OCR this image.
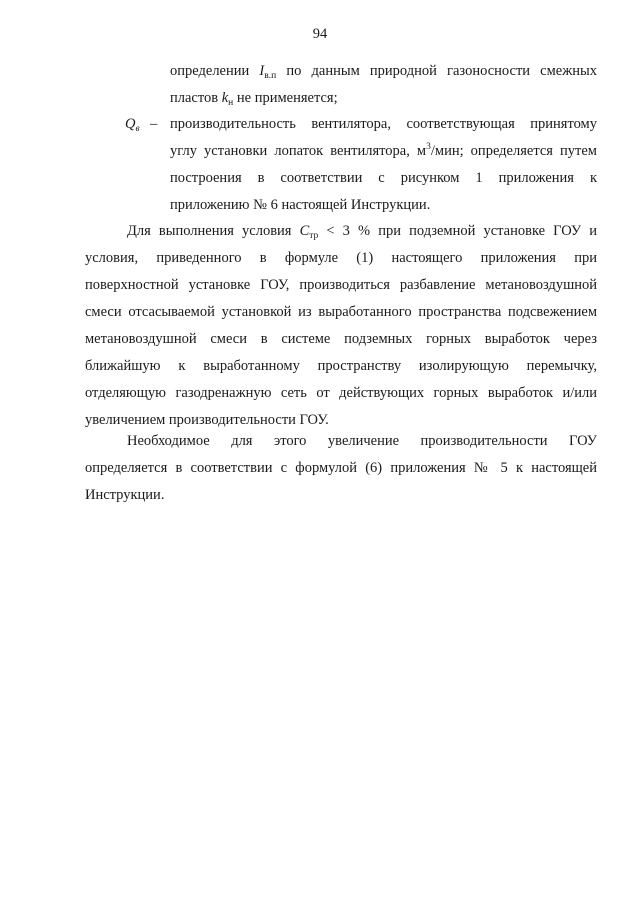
94
определении $I_{в.п}$ по данным природной газоносности смежных
пластов $k_н$ не применяется;
$Q_в$ – производительность вентилятора, соответствующая принятому
углу установки лопаток вентилятора, $м^3$/мин; определяется путем
построения в соответствии с рисунком 1 приложения к
приложению № 6 настоящей Инструкции.
Для выполнения условия $C_{тр} < 3$ % при подземной установке ГОУ и
условия, приведенного в формуле (1) настоящего приложения при
поверхностной установке ГОУ, производиться разбавление метановоздушной
смеси отсасываемой установкой из выработанного пространства подсвежением
метановоздушной смеси в системе подземных горных выработок через
ближайшую к выработанному пространству изолирующую перемычку,
отделяющую газодренажную сеть от действующих горных выработок и/или
увеличением производительности ГОУ.
Необходимое для этого увеличение производительности ГОУ
определяется в соответствии с формулой (6) приложения № 5 к настоящей
Инструкции.
